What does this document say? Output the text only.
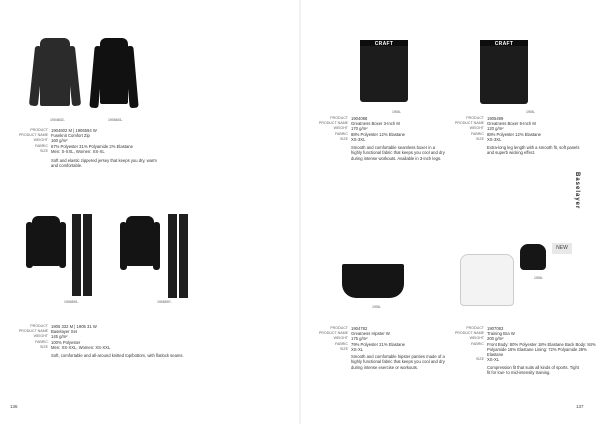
1904602-	1906601-
PRODUCT 1904602 M | 1906594 W
PRODUCT NAME Fuseknit Comfort Zip
WEIGHT 160 g/m²
FABRIC 67% Polyester 31% Polyamide 2% Elastane
SIZE Men: S-XXL, Women: XS-XL
Soft and elastic zippered jersey that keeps you dry, warm and comfortable.
1906591-	1906597-
PRODUCT 1905 332 M | 1905 31 W
PRODUCT NAME Baselayer Set
WEIGHT 145 g/m²
FABRIC 100% Polyester
SIZE Men: XS-XXL, Women: XS-XXL
Soft, comfortable and all-around knitted top/bottom, with flatlock seams.
CRAFT
1906-
PRODUCT 1904088
PRODUCT NAME Greatness Boxer 3-Inch M
WEIGHT 170 g/m²
FABRIC 88% Polyester 12% Elastane
SIZE XS-3XL
Smooth and comfortable seamless boxer in a highly functional fabric that keeps you cool and dry during intense workouts. Available in 3-inch legs.
CRAFT
1906-
PRODUCT 1905499
PRODUCT NAME Greatness Boxer 6-Inch M
WEIGHT 120 g/m²
FABRIC 88% Polyester 12% Elastane
SIZE XS-3XL
Extra-long leg length with a smooth fit, soft panels and superb wicking effect.
Baselayer
1906-
PRODUCT 1904782
PRODUCT NAME Greatness Hipster W
WEIGHT 175 g/m²
FABRIC 79% Polyester 21% Elastane
SIZE XS-XL
Smooth and comfortable hipster panties made of a highly functional fabric that keeps you cool and dry during intense exercise or workouts.
NEW
1906-
PRODUCT 1907083
PRODUCT NAME Training Bra W
WEIGHT 200 g/m²
FABRIC Front Body: 80% Polyester 18% Elastane Back Body: 84% Polyamide 16% Elastane Lining: 72% Polyamide 28% Elastane
SIZE XS-XL
Compression fit that suits all kinds of sports. Tight fit for low- to mid-intensity training.
136	137
